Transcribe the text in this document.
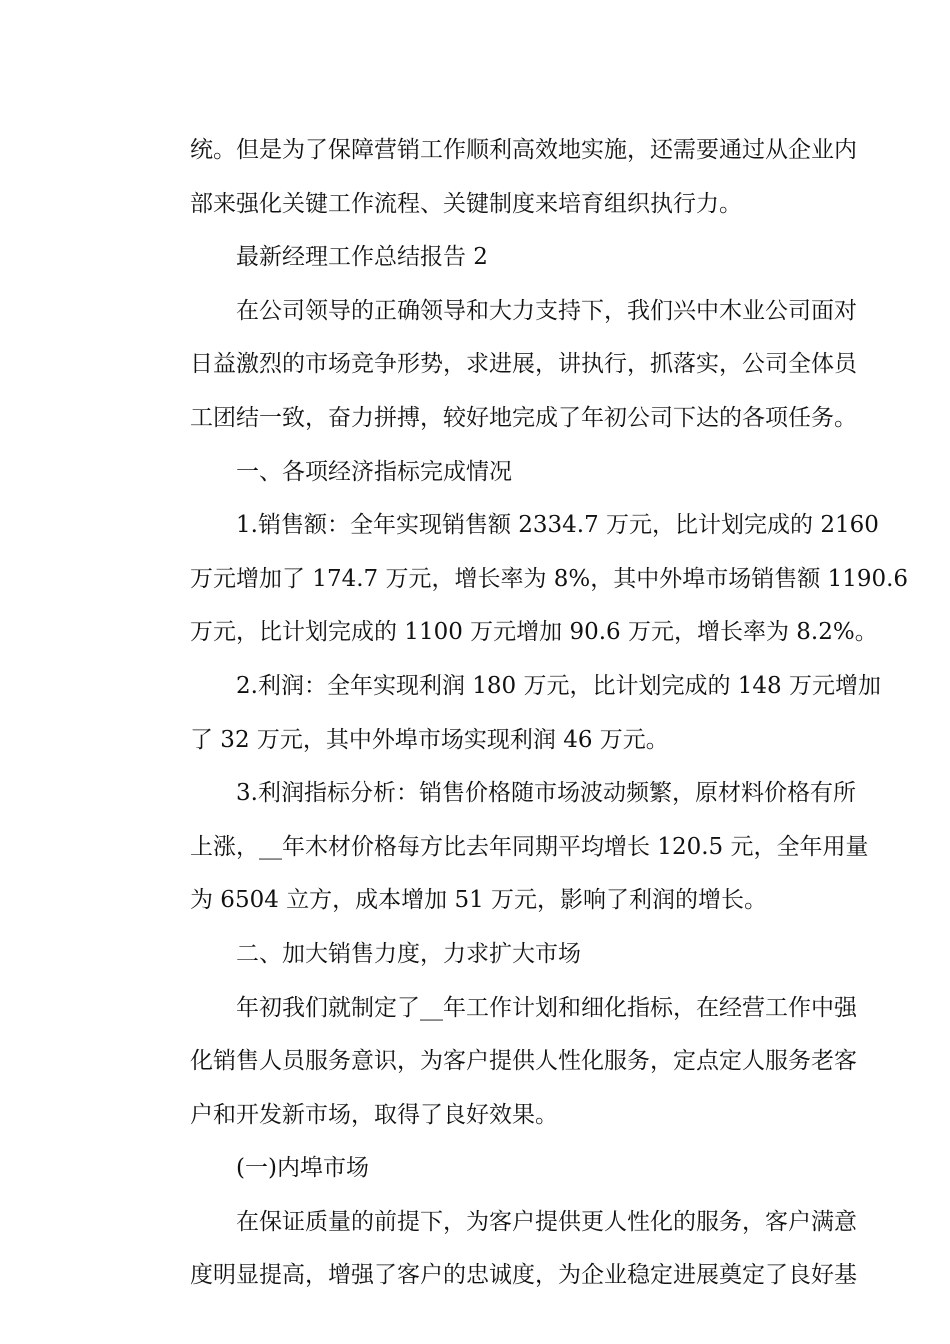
统。但是为了保障营销工作顺利高效地实施，还需要通过从企业内
部来强化关键工作流程、关键制度来培育组织执行力。
最新经理工作总结报告 2
在公司领导的正确领导和大力支持下，我们兴中木业公司面对
日益激烈的市场竞争形势，求进展，讲执行，抓落实，公司全体员
工团结一致，奋力拼搏，较好地完成了年初公司下达的各项任务。
一、各项经济指标完成情况
1.销售额：全年实现销售额 2334.7 万元，比计划完成的 2160
万元增加了 174.7 万元，增长率为 8%，其中外埠市场销售额 1190.6
万元，比计划完成的 1100 万元增加 90.6 万元，增长率为 8.2%。
2.利润：全年实现利润 180 万元，比计划完成的 148 万元增加
了 32 万元，其中外埠市场实现利润 46 万元。
3.利润指标分析：销售价格随市场波动频繁，原材料价格有所
上涨，__年木材价格每方比去年同期平均增长 120.5 元，全年用量
为 6504 立方，成本增加 51 万元，影响了利润的增长。
二、加大销售力度，力求扩大市场
年初我们就制定了__年工作计划和细化指标，在经营工作中强
化销售人员服务意识，为客户提供人性化服务，定点定人服务老客
户和开发新市场，取得了良好效果。
(一)内埠市场
在保证质量的前提下，为客户提供更人性化的服务，客户满意
度明显提高，增强了客户的忠诚度，为企业稳定进展奠定了良好基
